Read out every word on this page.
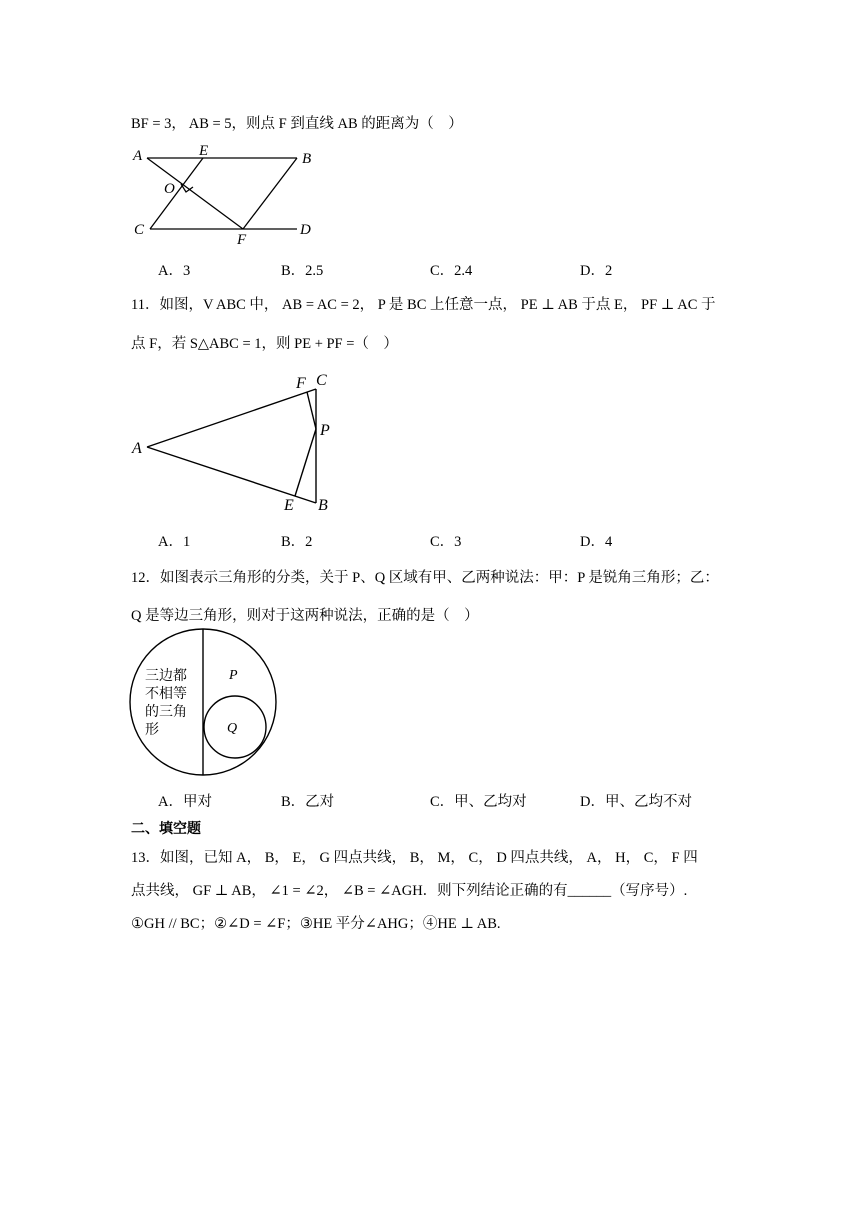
BF = 3， AB = 5，则点 F 到直线 AB 的距离为（　）
A	E	B
O
C
F
D
A．3	B．2.5	C．2.4	D．2
11．如图，V ABC 中， AB = AC = 2， P 是 BC 上任意一点， PE ⊥ AB 于点 E， PF ⊥ AC 于
点 F，若 S△ABC = 1，则 PE + PF =（　）
A
F C
P
E B
A．1	B．2	C．3	D．4
12．如图表示三角形的分类，关于 P、Q 区域有甲、乙两种说法：甲：P 是锐角三角形；乙：
Q 是等边三角形，则对于这两种说法，正确的是（　）
三边都
不相等
的三角
形
P
Q
A．甲对	B．乙对	C．甲、乙均对	D．甲、乙均不对
二、填空题
13．如图，已知 A， B， E， G 四点共线， B， M， C， D 四点共线， A， H， C， F 四
点共线， GF ⊥ AB， ∠1 = ∠2， ∠B = ∠AGH．则下列结论正确的有______（写序号）.
①GH // BC；②∠D = ∠F；③HE 平分∠AHG；④HE ⊥ AB.
